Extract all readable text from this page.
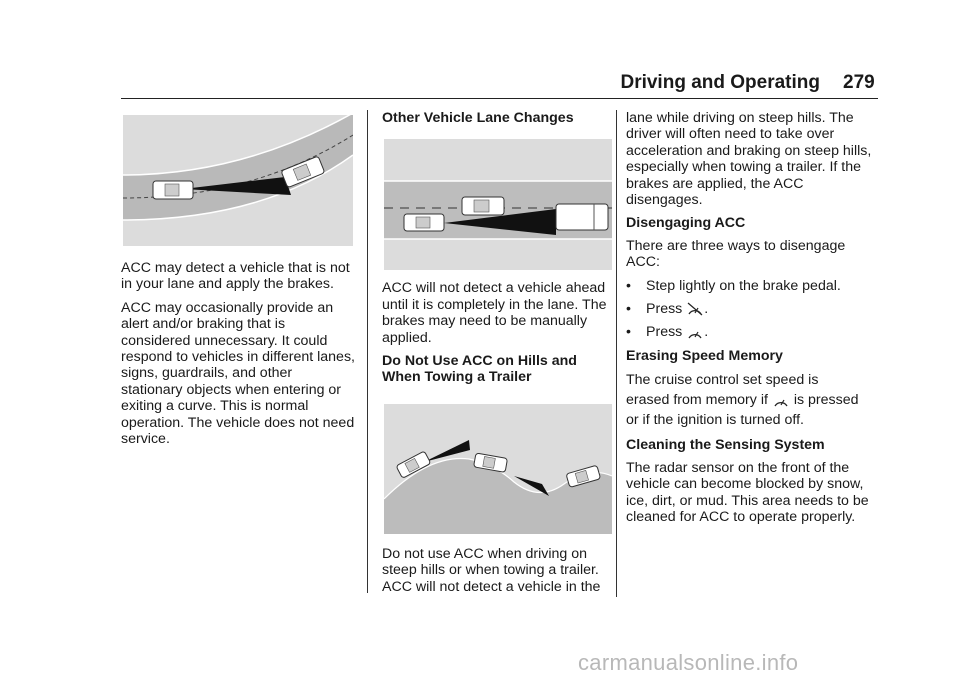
Driving and Operating 279

ACC may detect a vehicle that is not in your lane and apply the brakes.

ACC may occasionally provide an alert and/or braking that is considered unnecessary. It could respond to vehicles in different lanes, signs, guardrails, and other stationary objects when entering or exiting a curve. This is normal operation. The vehicle does not need service.

Other Vehicle Lane Changes

ACC will not detect a vehicle ahead until it is completely in the lane. The brakes may need to be manually applied.

Do Not Use ACC on Hills and When Towing a Trailer

Do not use ACC when driving on steep hills or when towing a trailer. ACC will not detect a vehicle in the

lane while driving on steep hills. The driver will often need to take over acceleration and braking on steep hills, especially when towing a trailer. If the brakes are applied, the ACC disengages.

Disengaging ACC

There are three ways to disengage ACC:

•	Step lightly on the brake pedal.
•	Press .
•	Press .
Erasing Speed Memory

The cruise control set speed is
erased from memory if is pressed
or if the ignition is turned off.

Cleaning the Sensing System

The radar sensor on the front of the vehicle can become blocked by snow, ice, dirt, or mud. This area needs to be cleaned for ACC to operate properly.

carmanualsonline.info
